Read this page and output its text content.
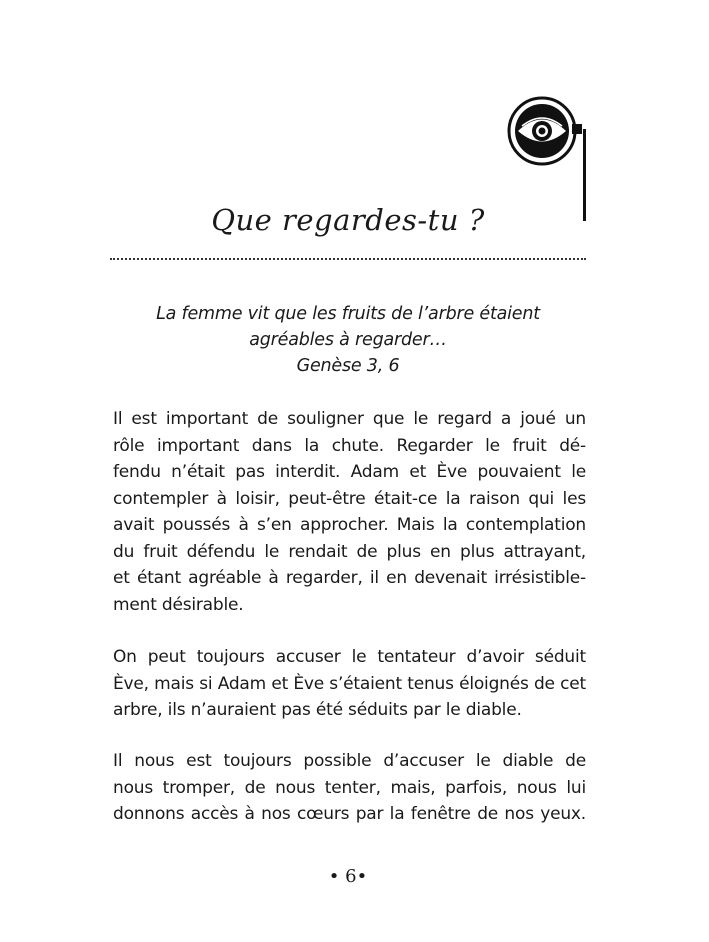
Que regardes-tu ?
La femme vit que les fruits de l’arbre étaient
agréables à regarder…
Genèse 3, 6

Il est important de souligner que le regard a joué un
rôle important dans la chute. Regarder le fruit dé-
fendu n’était pas interdit. Adam et Ève pouvaient le
contempler à loisir, peut-être était-ce la raison qui les
avait poussés à s’en approcher. Mais la contemplation
du fruit défendu le rendait de plus en plus attrayant,
et étant agréable à regarder, il en devenait irrésistible-
ment désirable.

On peut toujours accuser le tentateur d’avoir séduit
Ève, mais si Adam et Ève s’étaient tenus éloignés de cet
arbre, ils n’auraient pas été séduits par le diable.

Il nous est toujours possible d’accuser le diable de
nous tromper, de nous tenter, mais, parfois, nous lui
donnons accès à nos cœurs par la fenêtre de nos yeux.

• 6•
